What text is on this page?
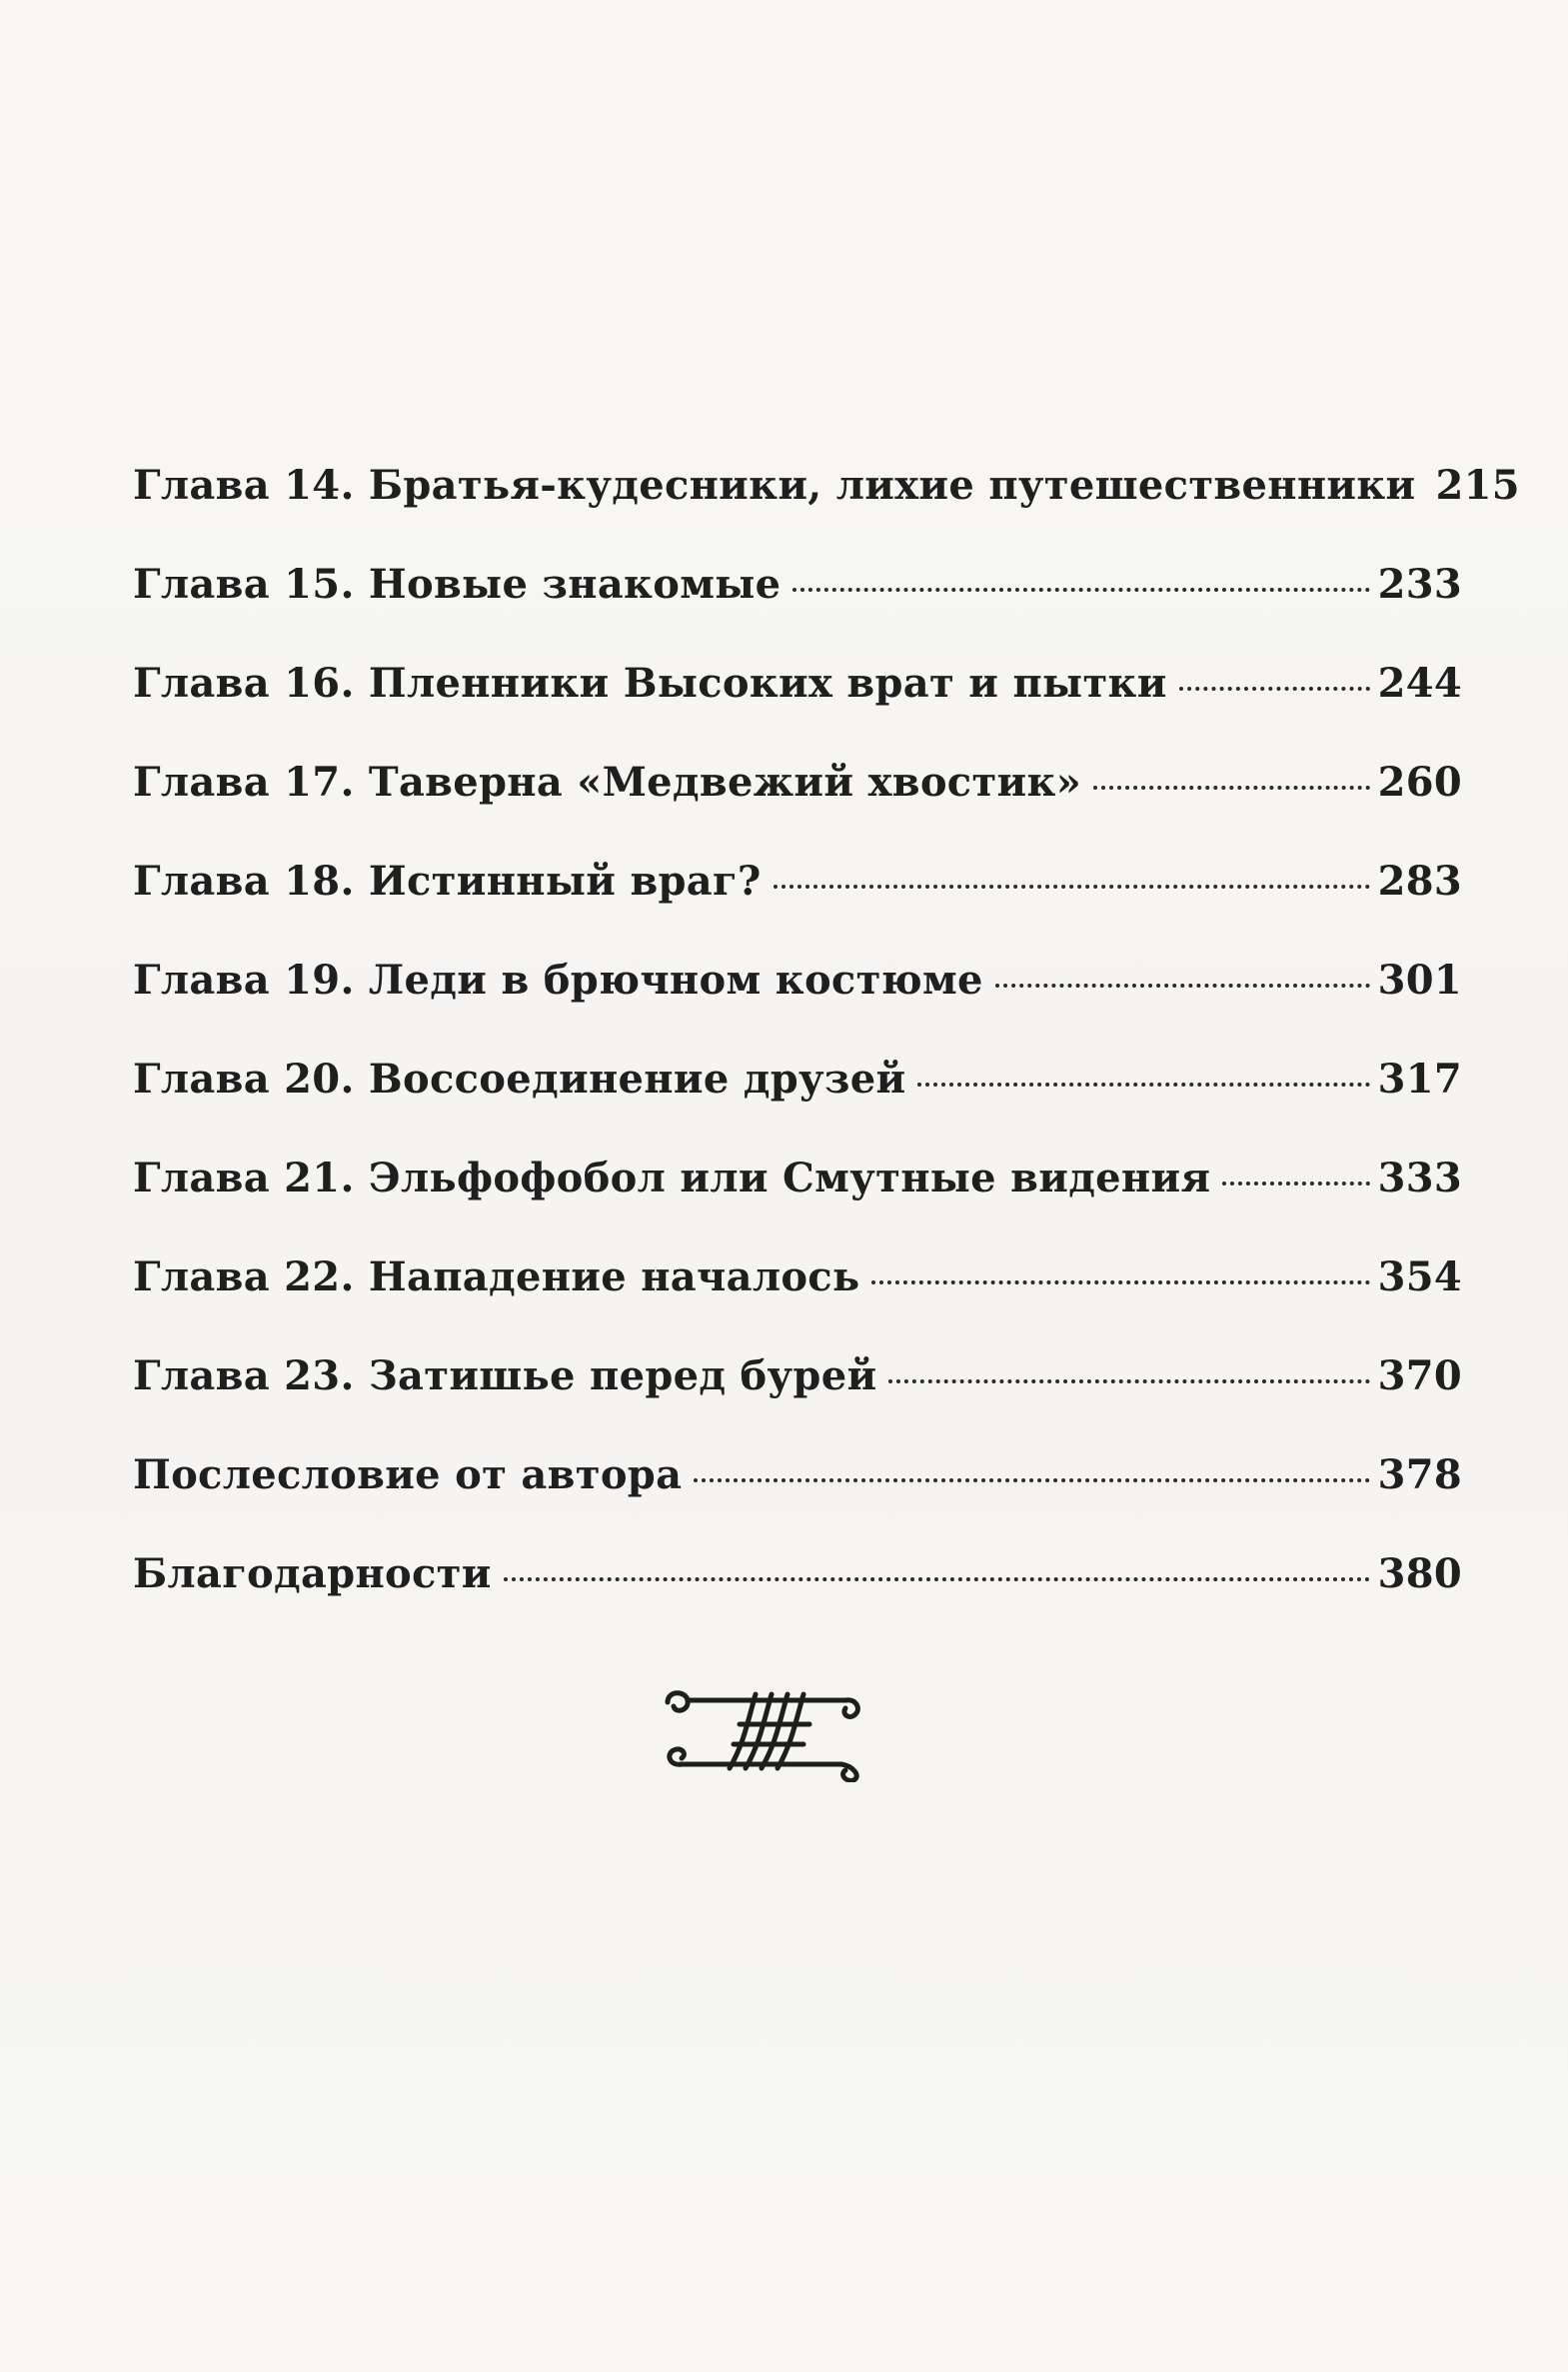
Глава 14. Братья-кудесники, лихие путешественники 215
Глава 15. Новые знакомые	233
Глава 16. Пленники Высоких врат и пытки	244
Глава 17. Таверна «Медвежий хвостик»	260
Глава 18. Истинный враг?	283
Глава 19. Леди в брючном костюме	301
Глава 20. Воссоединение друзей	317
Глава 21. Эльфофобол или Смутные видения	333
Глава 22. Нападение началось	354
Глава 23. Затишье перед бурей	370
Послесловие от автора	378
Благодарности	380
